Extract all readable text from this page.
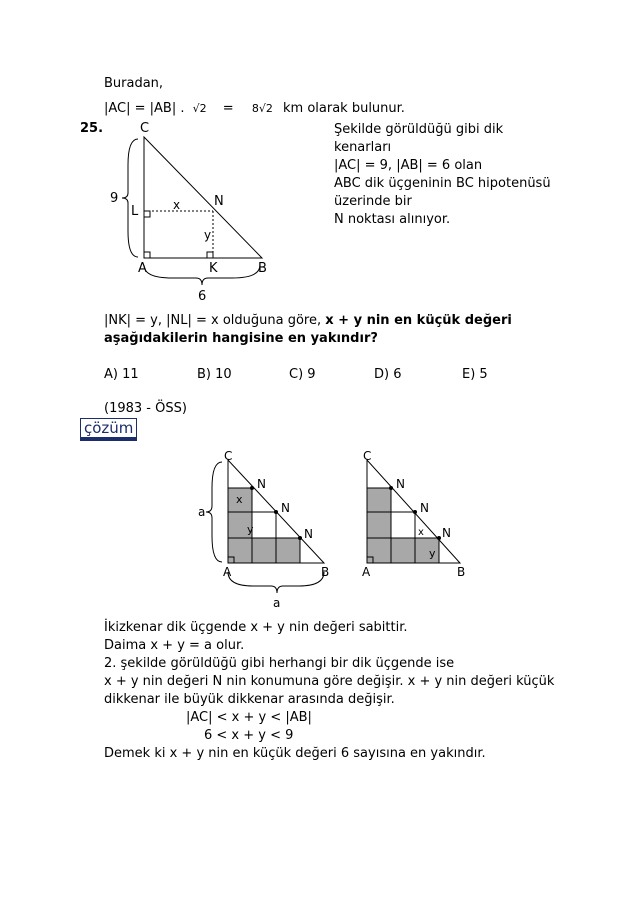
Buradan,
|AC| = |AB| . √2 = 8√2 km olarak bulunur.
25.	C
A	B
N
L
K
x
y
9
6
Şekilde görüldüğü gibi dik
kenarları
|AC| = 9, |AB| = 6 olan
ABC dik üçgeninin BC hipotenüsü
üzerinde bir
N noktası alınıyor.
|NK| = y, |NL| = x olduğuna göre, x + y nin en küçük değeri
aşağıdakilerin hangisine en yakındır?
A) 11	B) 10	C) 9	D) 6	E) 5
(1983 - ÖSS)
çözüm
C
A	B
N
N
N
x
y
a
a
C
A	B
N
N
N
x
y
İkizkenar dik üçgende x + y nin değeri sabittir.
Daima x + y = a olur.
2. şekilde görüldüğü gibi herhangi bir dik üçgende ise
x + y nin değeri N nin konumuna göre değişir. x + y nin değeri küçük
dikkenar ile büyük dikkenar arasında değişir.
|AC| < x + y < |AB|
6 < x + y < 9
Demek ki x + y nin en küçük değeri 6 sayısına en yakındır.
